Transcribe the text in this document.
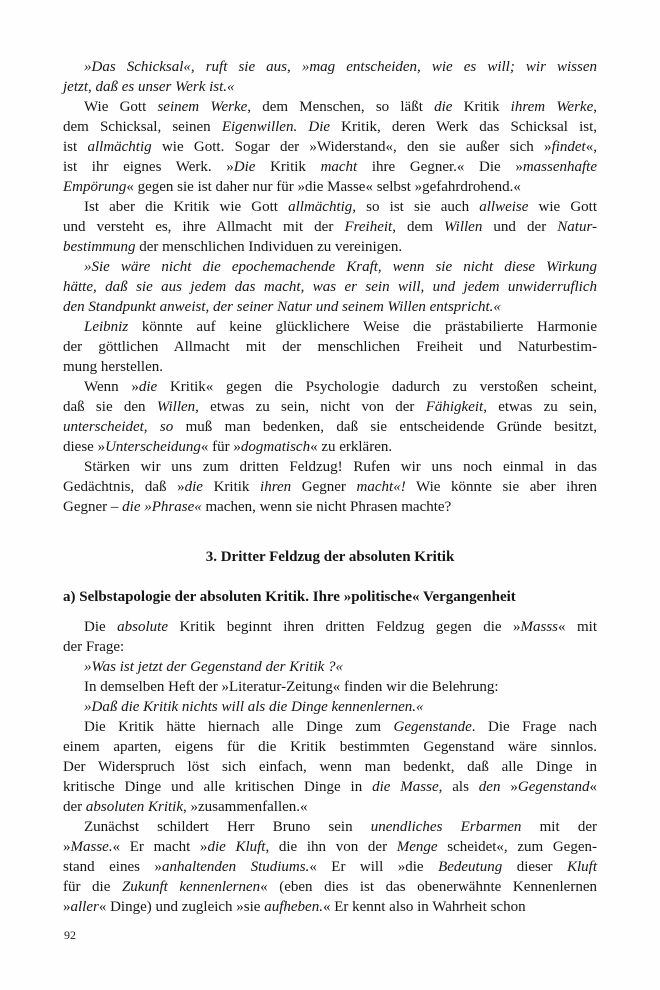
»Das Schicksal«, ruft sie aus, »mag entscheiden, wie es will; wir wissen
jetzt, daß es unser Werk ist.«
Wie Gott seinem Werke, dem Menschen, so läßt die Kritik ihrem Werke,
dem Schicksal, seinen Eigenwillen. Die Kritik, deren Werk das Schicksal ist,
ist allmächtig wie Gott. Sogar der »Widerstand«, den sie außer sich »findet«,
ist ihr eignes Werk. »Die Kritik macht ihre Gegner.« Die »massenhafte
Empörung« gegen sie ist daher nur für »die Masse« selbst »gefahrdrohend.«
Ist aber die Kritik wie Gott allmächtig, so ist sie auch allweise wie Gott
und versteht es, ihre Allmacht mit der Freiheit, dem Willen und der Natur-
bestimmung der menschlichen Individuen zu vereinigen.
»Sie wäre nicht die epochemachende Kraft, wenn sie nicht diese Wirkung
hätte, daß sie aus jedem das macht, was er sein will, und jedem unwiderruflich
den Standpunkt anweist, der seiner Natur und seinem Willen entspricht.«
Leibniz könnte auf keine glücklichere Weise die prästabilierte Harmonie
der göttlichen Allmacht mit der menschlichen Freiheit und Naturbestim-
mung herstellen.
Wenn »die Kritik« gegen die Psychologie dadurch zu verstoßen scheint,
daß sie den Willen, etwas zu sein, nicht von der Fähigkeit, etwas zu sein,
unterscheidet, so muß man bedenken, daß sie entscheidende Gründe besitzt,
diese »Unterscheidung« für »dogmatisch« zu erklären.
Stärken wir uns zum dritten Feldzug! Rufen wir uns noch einmal in das
Gedächtnis, daß »die Kritik ihren Gegner macht«! Wie könnte sie aber ihren
Gegner – die »Phrase« machen, wenn sie nicht Phrasen machte?
3. Dritter Feldzug der absoluten Kritik
a) Selbstapologie der absoluten Kritik. Ihre »politische« Vergangenheit
Die absolute Kritik beginnt ihren dritten Feldzug gegen die »Masss« mit
der Frage:
»Was ist jetzt der Gegenstand der Kritik ?«
In demselben Heft der »Literatur-Zeitung« finden wir die Belehrung:
»Daß die Kritik nichts will als die Dinge kennenlernen.«
Die Kritik hätte hiernach alle Dinge zum Gegenstande. Die Frage nach
einem aparten, eigens für die Kritik bestimmten Gegenstand wäre sinnlos.
Der Widerspruch löst sich einfach, wenn man bedenkt, daß alle Dinge in
kritische Dinge und alle kritischen Dinge in die Masse, als den »Gegenstand«
der absoluten Kritik, »zusammenfallen.«
Zunächst schildert Herr Bruno sein unendliches Erbarmen mit der
»Masse.« Er macht »die Kluft, die ihn von der Menge scheidet«, zum Gegen-
stand eines »anhaltenden Studiums.« Er will »die Bedeutung dieser Kluft
für die Zukunft kennenlernen« (eben dies ist das obenerwähnte Kennenlernen
»aller« Dinge) und zugleich »sie aufheben.« Er kennt also in Wahrheit schon
92
